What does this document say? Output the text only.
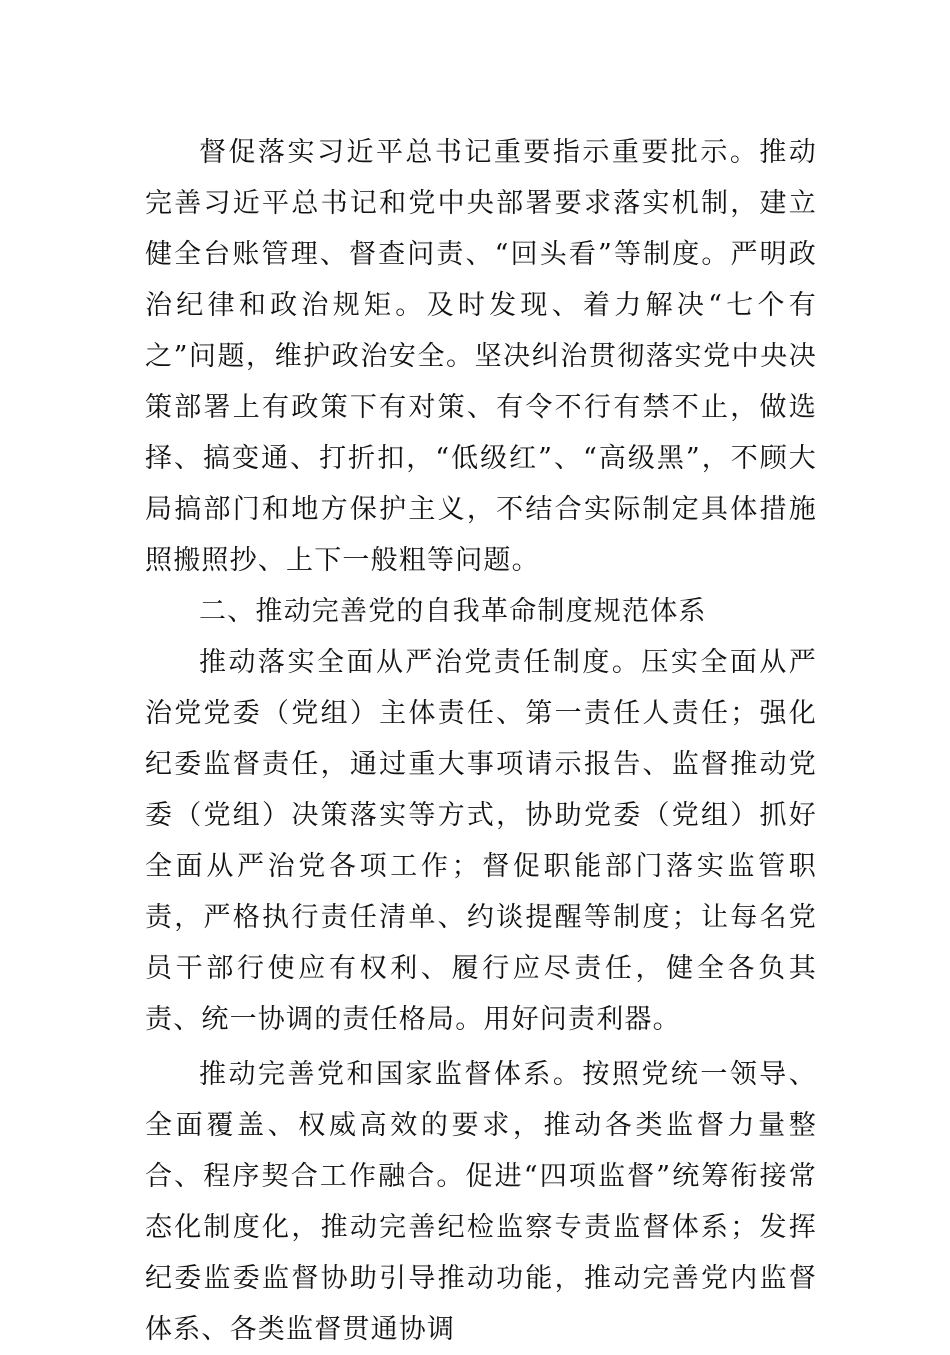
督促落实习近平总书记重要指示重要批示。推动完善习近平总书记和党中央部署要求落实机制，建立健全台账管理、督查问责、“回头看”等制度。严明政治纪律和政治规矩。及时发现、着力解决“七个有之”问题，维护政治安全。坚决纠治贯彻落实党中央决策部署上有政策下有对策、有令不行有禁不止，做选择、搞变通、打折扣，“低级红”、“高级黑”，不顾大局搞部门和地方保护主义，不结合实际制定具体措施照搬照抄、上下一般粗等问题。

二、推动完善党的自我革命制度规范体系

推动落实全面从严治党责任制度。压实全面从严治党党委（党组）主体责任、第一责任人责任；强化纪委监督责任，通过重大事项请示报告、监督推动党委（党组）决策落实等方式，协助党委（党组）抓好全面从严治党各项工作；督促职能部门落实监管职责，严格执行责任清单、约谈提醒等制度；让每名党员干部行使应有权利、履行应尽责任，健全各负其责、统一协调的责任格局。用好问责利器。

推动完善党和国家监督体系。按照党统一领导、全面覆盖、权威高效的要求，推动各类监督力量整合、程序契合工作融合。促进“四项监督”统筹衔接常态化制度化，推动完善纪检监察专责监督体系；发挥纪委监委监督协助引导推动功能，推动完善党内监督体系、各类监督贯通协调
